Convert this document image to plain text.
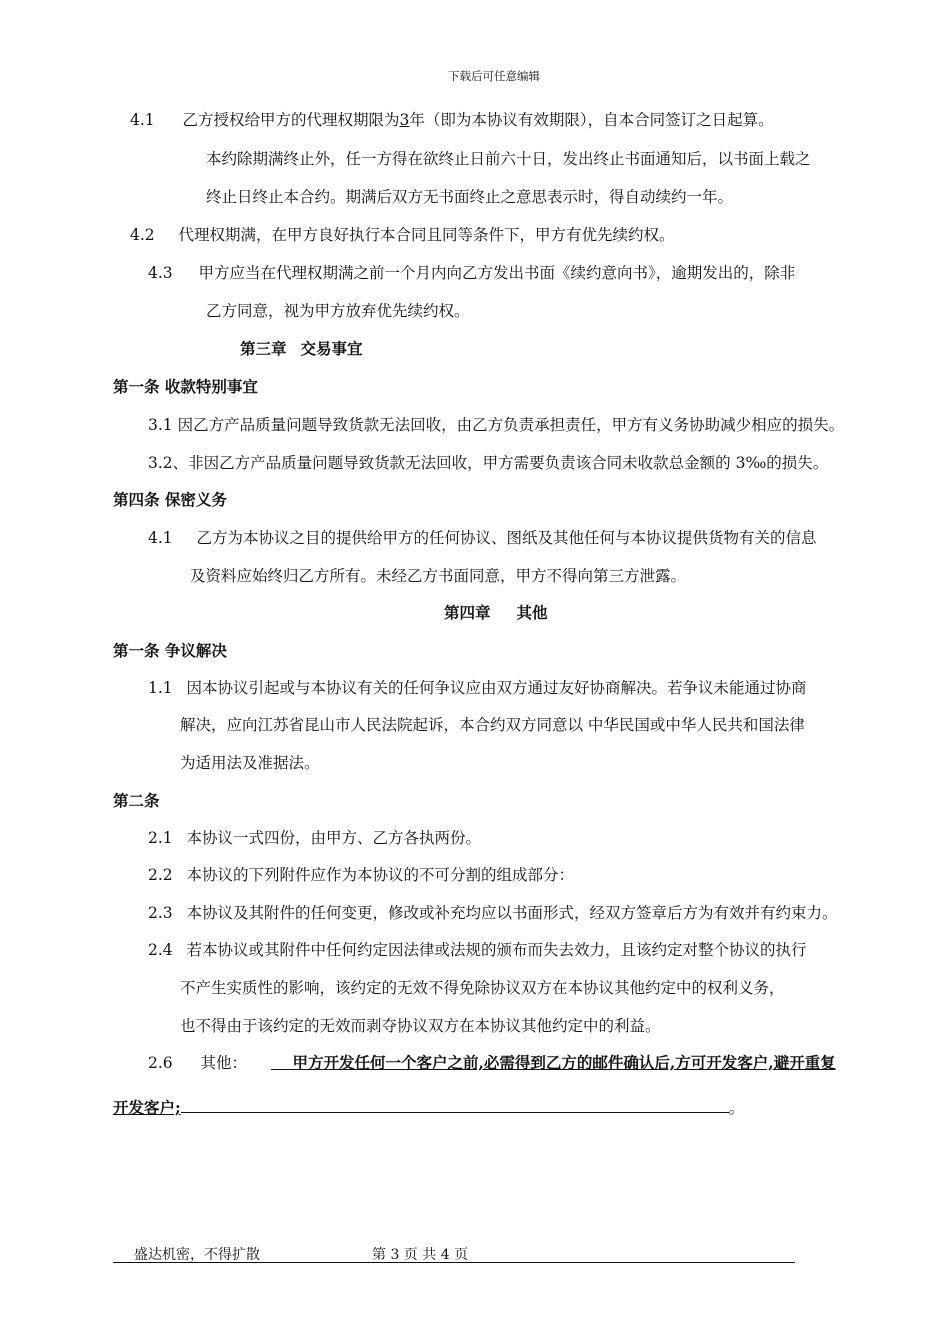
下载后可任意编辑
4.1 乙方授权给甲方的代理权期限为3年（即为本协议有效期限），自本合同签订之日起算。
本约除期满终止外，任一方得在欲终止日前六十日，发出终止书面通知后，以书面上载之
终止日终止本合约。期满后双方无书面终止之意思表示时，得自动续约一年。
4.2 代理权期满，在甲方良好执行本合同且同等条件下，甲方有优先续约权。
4.3 甲方应当在代理权期满之前一个月内向乙方发出书面《续约意向书》，逾期发出的，除非
乙方同意，视为甲方放弃优先续约权。
第三章 交易事宜
第一条 收款特别事宜
3.1 因乙方产品质量问题导致货款无法回收，由乙方负责承担责任，甲方有义务协助减少相应的损失。
3.2、非因乙方产品质量问题导致货款无法回收，甲方需要负责该合同未收款总金额的 3‰的损失。
第四条 保密义务
4.1 乙方为本协议之目的提供给甲方的任何协议、图纸及其他任何与本协议提供货物有关的信息
及资料应始终归乙方所有。未经乙方书面同意，甲方不得向第三方泄露。
第四章 其他
第一条 争议解决
1.1 因本协议引起或与本协议有关的任何争议应由双方通过友好协商解决。若争议未能通过协商
解决，应向江苏省昆山市人民法院起诉，本合约双方同意以 中华民国或中华人民共和国法律
为适用法及准据法。
第二条
2.1 本协议一式四份，由甲方、乙方各执两份。
2.2 本协议的下列附件应作为本协议的不可分割的组成部分：
2.3 本协议及其附件的任何变更，修改或补充均应以书面形式，经双方签章后方为有效并有约束力。
2.4 若本协议或其附件中任何约定因法律或法规的颁布而失去效力，且该约定对整个协议的执行
不产生实质性的影响，该约定的无效不得免除协议双方在本协议其他约定中的权利义务，
也不得由于该约定的无效而剥夺协议双方在本协议其他约定中的利益。
2.6 其他：	甲方开发任何一个客户之前,必需得到乙方的邮件确认后,方可开发客户,避开重复
开发客户;	。
盛达机密，不得扩散	第 3 页 共 4 页
